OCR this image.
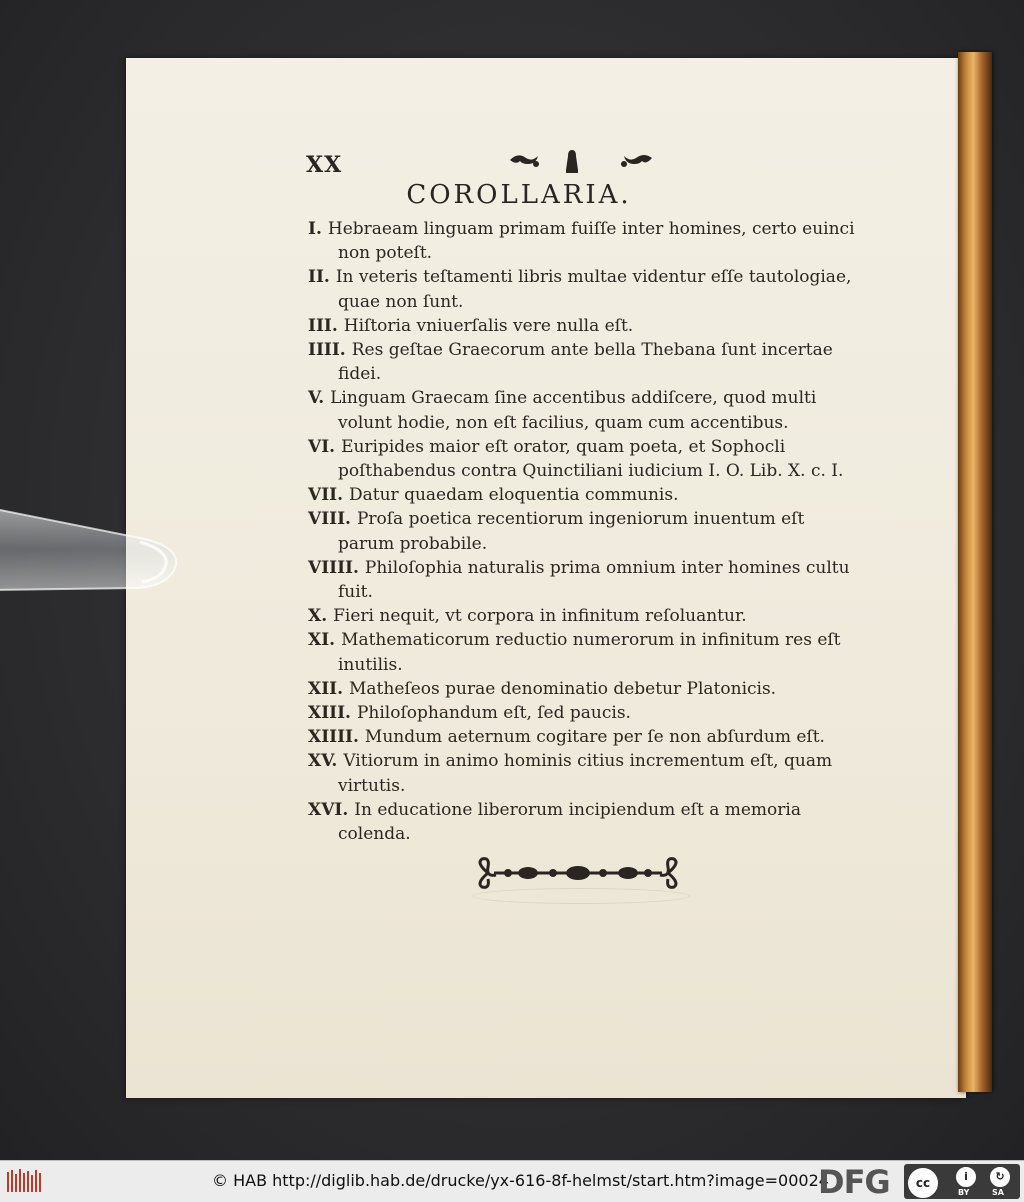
XX
COROLLARIA.
I. Hebraeam linguam primam fuiſſe inter homines, certo euinci non poteſt.
II. In veteris teſtamenti libris multae videntur eſſe tautologiae, quae non ſunt.
III. Hiſtoria vniuerſalis vere nulla eſt.
IIII. Res geſtae Graecorum ante bella Thebana ſunt incertae fidei.
V. Linguam Graecam ſine accentibus addiſcere, quod multi volunt hodie, non eſt facilius, quam cum accentibus.
VI. Euripides maior eſt orator, quam poeta, et Sophocli poſthabendus contra Quinctiliani iudicium I. O. Lib. X. c. I.
VII. Datur quaedam eloquentia communis.
VIII. Proſa poetica recentiorum ingeniorum inuentum eſt parum probabile.
VIIII. Philoſophia naturalis prima omnium inter homines cultu fuit.
X. Fieri nequit, vt corpora in infinitum reſoluantur.
XI. Mathematicorum reductio numerorum in infinitum res eſt inutilis.
XII. Matheſeos purae denominatio debetur Platonicis.
XIII. Philoſophandum eſt, ſed paucis.
XIIII. Mundum aeternum cogitare per ſe non abſurdum eſt.
XV. Vitiorum in animo hominis citius incrementum eſt, quam virtutis.
XVI. In educatione liberorum incipiendum eſt a memoria colenda.
© HAB http://diglib.hab.de/drucke/yx-616-8f-helmst/start.htm?image=00024
DFG	cc	i	↻
BY	SA
